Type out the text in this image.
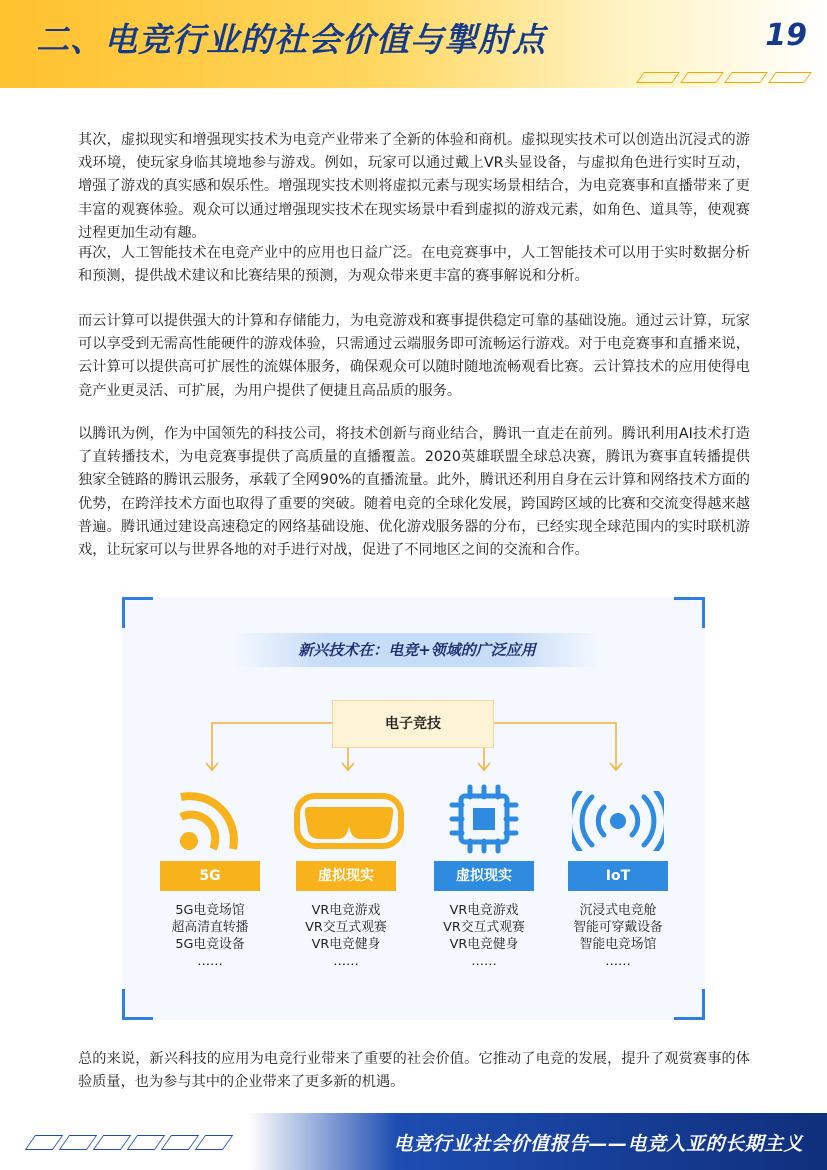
二、电竞行业的社会价值与掣肘点	19
其次，虚拟现实和增强现实技术为电竞产业带来了全新的体验和商机。虚拟现实技术可以创造出沉浸式的游戏环境，使玩家身临其境地参与游戏。例如，玩家可以通过戴上VR头显设备，与虚拟角色进行实时互动，增强了游戏的真实感和娱乐性。增强现实技术则将虚拟元素与现实场景相结合，为电竞赛事和直播带来了更丰富的观赛体验。观众可以通过增强现实技术在现实场景中看到虚拟的游戏元素，如角色、道具等，使观赛过程更加生动有趣。
再次，人工智能技术在电竞产业中的应用也日益广泛。在电竞赛事中，人工智能技术可以用于实时数据分析和预测，提供战术建议和比赛结果的预测，为观众带来更丰富的赛事解说和分析。
而云计算可以提供强大的计算和存储能力，为电竞游戏和赛事提供稳定可靠的基础设施。通过云计算，玩家可以享受到无需高性能硬件的游戏体验，只需通过云端服务即可流畅运行游戏。对于电竞赛事和直播来说，云计算可以提供高可扩展性的流媒体服务，确保观众可以随时随地流畅观看比赛。云计算技术的应用使得电竞产业更灵活、可扩展，为用户提供了便捷且高品质的服务。
以腾讯为例，作为中国领先的科技公司，将技术创新与商业结合，腾讯一直走在前列。腾讯利用AI技术打造了直转播技术，为电竞赛事提供了高质量的直播覆盖。2020英雄联盟全球总决赛，腾讯为赛事直转播提供独家全链路的腾讯云服务，承载了全网90%的直播流量。此外，腾讯还利用自身在云计算和网络技术方面的优势，在跨洋技术方面也取得了重要的突破。随着电竞的全球化发展，跨国跨区域的比赛和交流变得越来越普遍。腾讯通过建设高速稳定的网络基础设施、优化游戏服务器的分布，已经实现全球范围内的实时联机游戏，让玩家可以与世界各地的对手进行对战，促进了不同地区之间的交流和合作。
新兴技术在：电竞+领域的广泛应用
电子竞技
5G
5G电竞场馆
超高清直转播
5G电竞设备
……
虚拟现实
VR电竞游戏
VR交互式观赛
VR电竞健身
……
虚拟现实
VR电竞游戏
VR交互式观赛
VR电竞健身
……
IoT
沉浸式电竞舱
智能可穿戴设备
智能电竞场馆
……
总的来说，新兴科技的应用为电竞行业带来了重要的社会价值。它推动了电竞的发展，提升了观赏赛事的体验质量，也为参与其中的企业带来了更多新的机遇。
电竞行业社会价值报告——电竞入亚的长期主义
